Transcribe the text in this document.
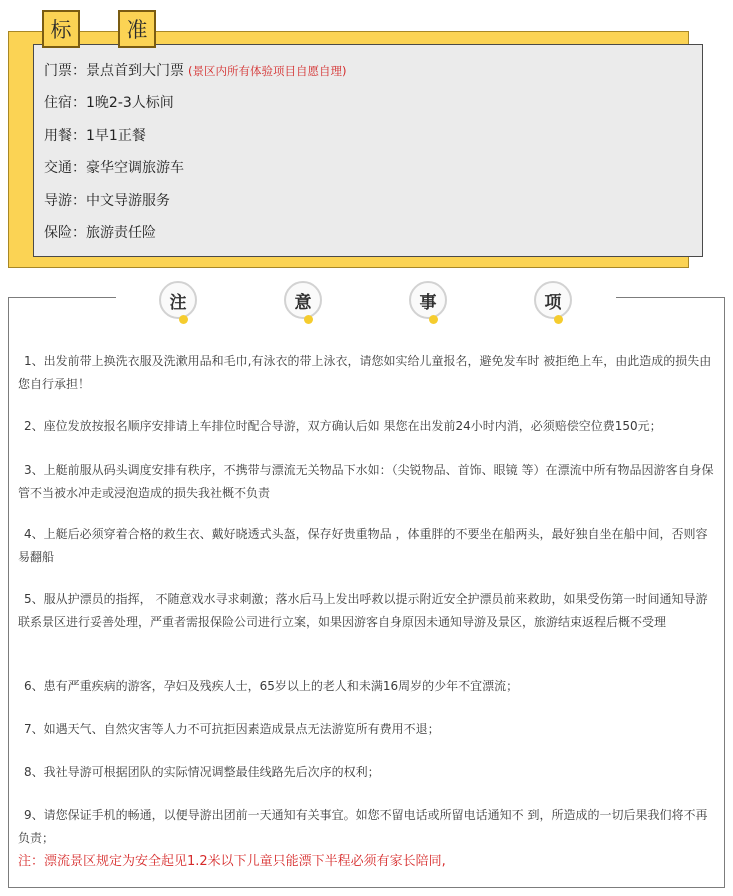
标	准
门票：景点首到大门票 (景区内所有体验项目自愿自理)
住宿：1晚2-3人标间
用餐：1早1正餐
交通：豪华空调旅游车
导游：中文导游服务
保险：旅游责任险
注	意	事	项
1、出发前带上换洗衣服及洗漱用品和毛巾,有泳衣的带上泳衣，请您如实给儿童报名，避免发车时 被拒绝上车，由此造成的损失由您自行承担！
2、座位发放按报名顺序安排请上车排位时配合导游，双方确认后如 果您在出发前24小时内消，必须赔偿空位费150元；
3、上艇前服从码头调度安排有秩序，不携带与漂流无关物品下水如：（尖锐物品、首饰、眼镜 等）在漂流中所有物品因游客自身保管不当被水冲走或浸泡造成的损失我社概不负责
4、上艇后必须穿着合格的救生衣、戴好晓透式头盔，保存好贵重物品 ，体重胖的不要坐在船两头，最好独自坐在船中间，否则容易翻船
5、服从护漂员的指挥， 不随意戏水寻求刺激；落水后马上发出呼救以提示附近安全护漂员前来救助，如果受伤第一时间通知导游联系景区进行妥善处理，严重者需报保险公司进行立案，如果因游客自身原因未通知导游及景区，旅游结束返程后概不受理
6、患有严重疾病的游客，孕妇及残疾人士，65岁以上的老人和未满16周岁的少年不宜漂流；
7、如遇天气、自然灾害等人力不可抗拒因素造成景点无法游览所有费用不退；
8、我社导游可根据团队的实际情况调整最佳线路先后次序的权利；
9、请您保证手机的畅通，以便导游出团前一天通知有关事宜。如您不留电话或所留电话通知不 到，所造成的一切后果我们将不再负责；
注：漂流景区规定为安全起见1.2米以下儿童只能漂下半程必须有家长陪同,
